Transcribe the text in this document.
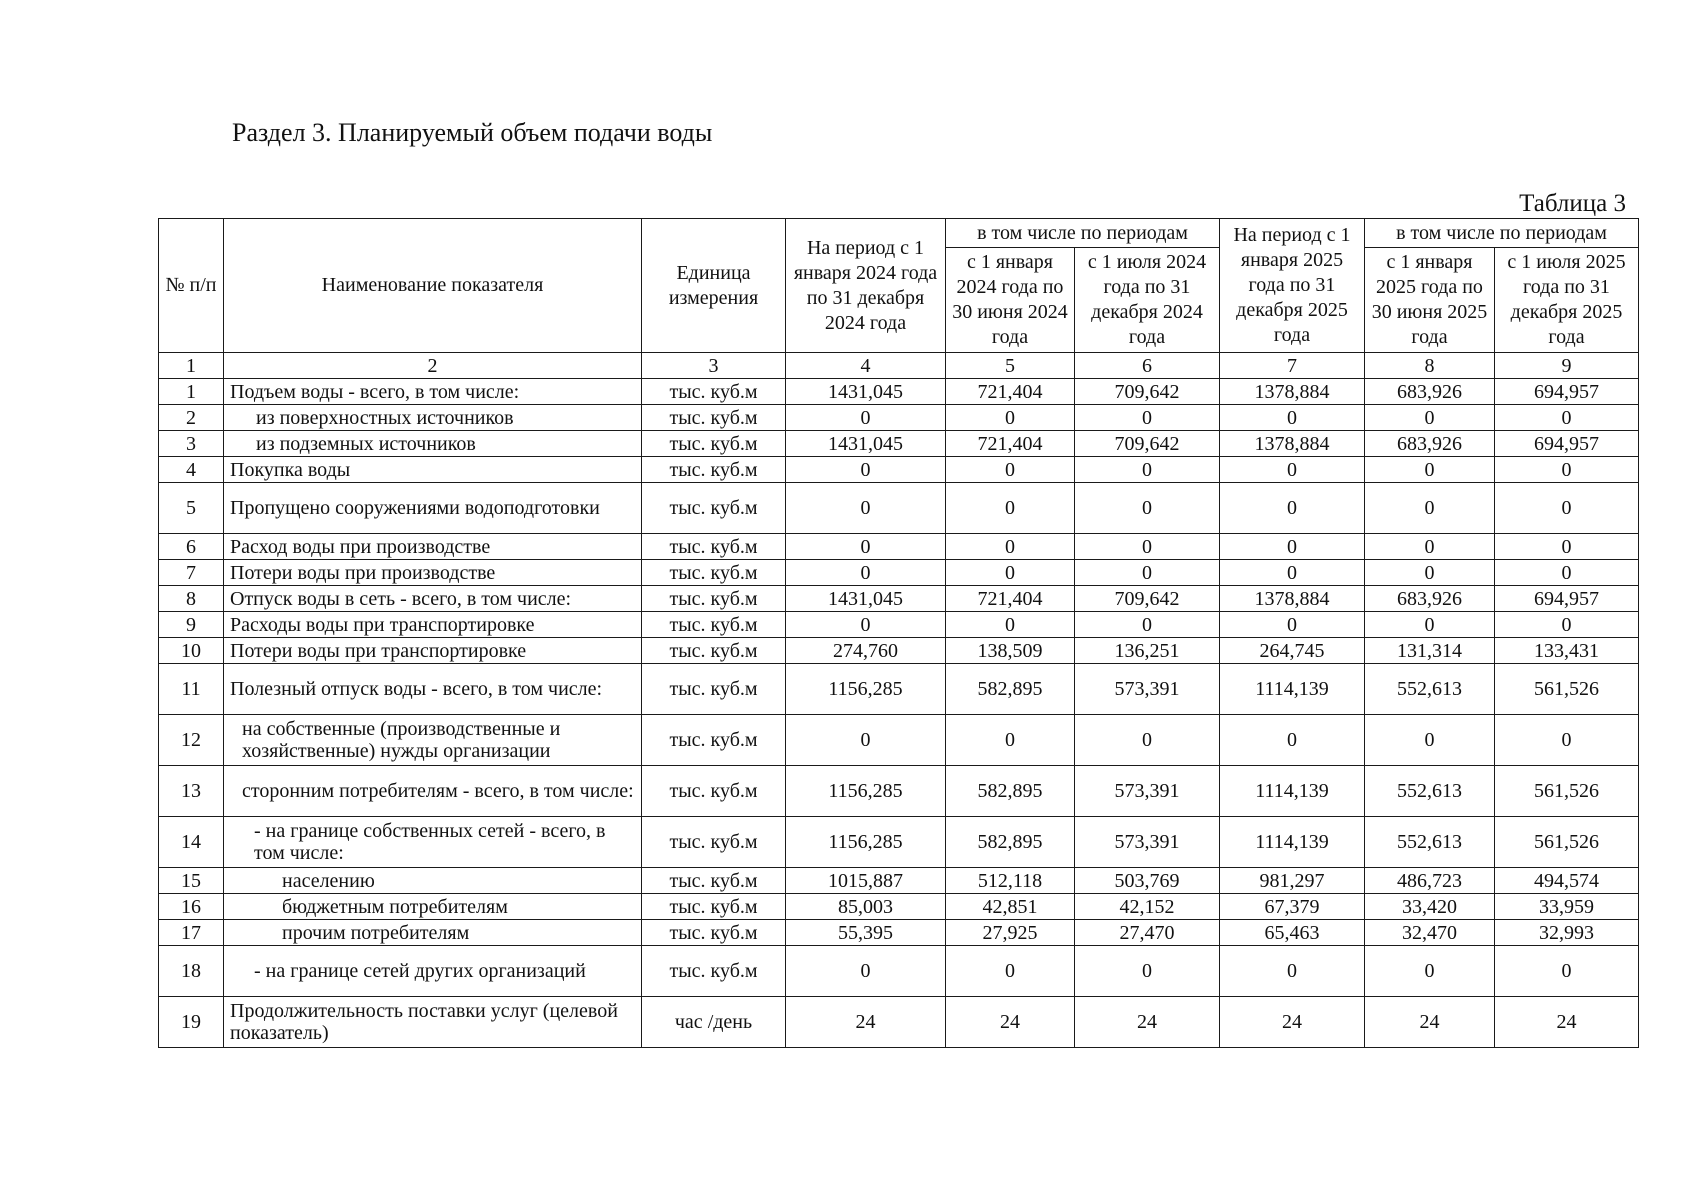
Раздел 3. Планируемый объем подачи воды
Таблица 3
№ п/п	Наименование показателя	Единица измерения	На период с 1 января 2024 года по 31 декабря 2024 года	в том числе по периодам		На период с 1 января 2025 года по 31 декабря 2025 года	в том числе по периодам	
				с 1 января 2024 года по 30 июня 2024 года	с 1 июля 2024 года по 31 декабря 2024 года		с 1 января 2025 года по 30 июня 2025 года	с 1 июля 2025 года по 31 декабря 2025 года
1	2	3	4	5	6	7	8	9
1	Подъем воды - всего, в том числе:	тыс. куб.м	1431,045	721,404	709,642	1378,884	683,926	694,957
2	из поверхностных источников	тыс. куб.м	0	0	0	0	0	0
3	из подземных источников	тыс. куб.м	1431,045	721,404	709,642	1378,884	683,926	694,957
4	Покупка воды	тыс. куб.м	0	0	0	0	0	0
5	Пропущено сооружениями водоподготовки	тыс. куб.м	0	0	0	0	0	0
6	Расход воды при производстве	тыс. куб.м	0	0	0	0	0	0
7	Потери воды при производстве	тыс. куб.м	0	0	0	0	0	0
8	Отпуск воды в сеть - всего, в том числе:	тыс. куб.м	1431,045	721,404	709,642	1378,884	683,926	694,957
9	Расходы воды при транспортировке	тыс. куб.м	0	0	0	0	0	0
10	Потери воды при транспортировке	тыс. куб.м	274,760	138,509	136,251	264,745	131,314	133,431
11	Полезный отпуск воды - всего, в том числе:	тыс. куб.м	1156,285	582,895	573,391	1114,139	552,613	561,526
12	на собственные (производственные и хозяйственные) нужды организации	тыс. куб.м	0	0	0	0	0	0
13	сторонним потребителям - всего, в том числе:	тыс. куб.м	1156,285	582,895	573,391	1114,139	552,613	561,526
14	- на границе собственных сетей - всего, в том числе:	тыс. куб.м	1156,285	582,895	573,391	1114,139	552,613	561,526
15	населению	тыс. куб.м	1015,887	512,118	503,769	981,297	486,723	494,574
16	бюджетным потребителям	тыс. куб.м	85,003	42,851	42,152	67,379	33,420	33,959
17	прочим потребителям	тыс. куб.м	55,395	27,925	27,470	65,463	32,470	32,993
18	- на границе сетей других организаций	тыс. куб.м	0	0	0	0	0	0
19	Продолжительность поставки услуг (целевой показатель)	час /день	24	24	24	24	24	24
